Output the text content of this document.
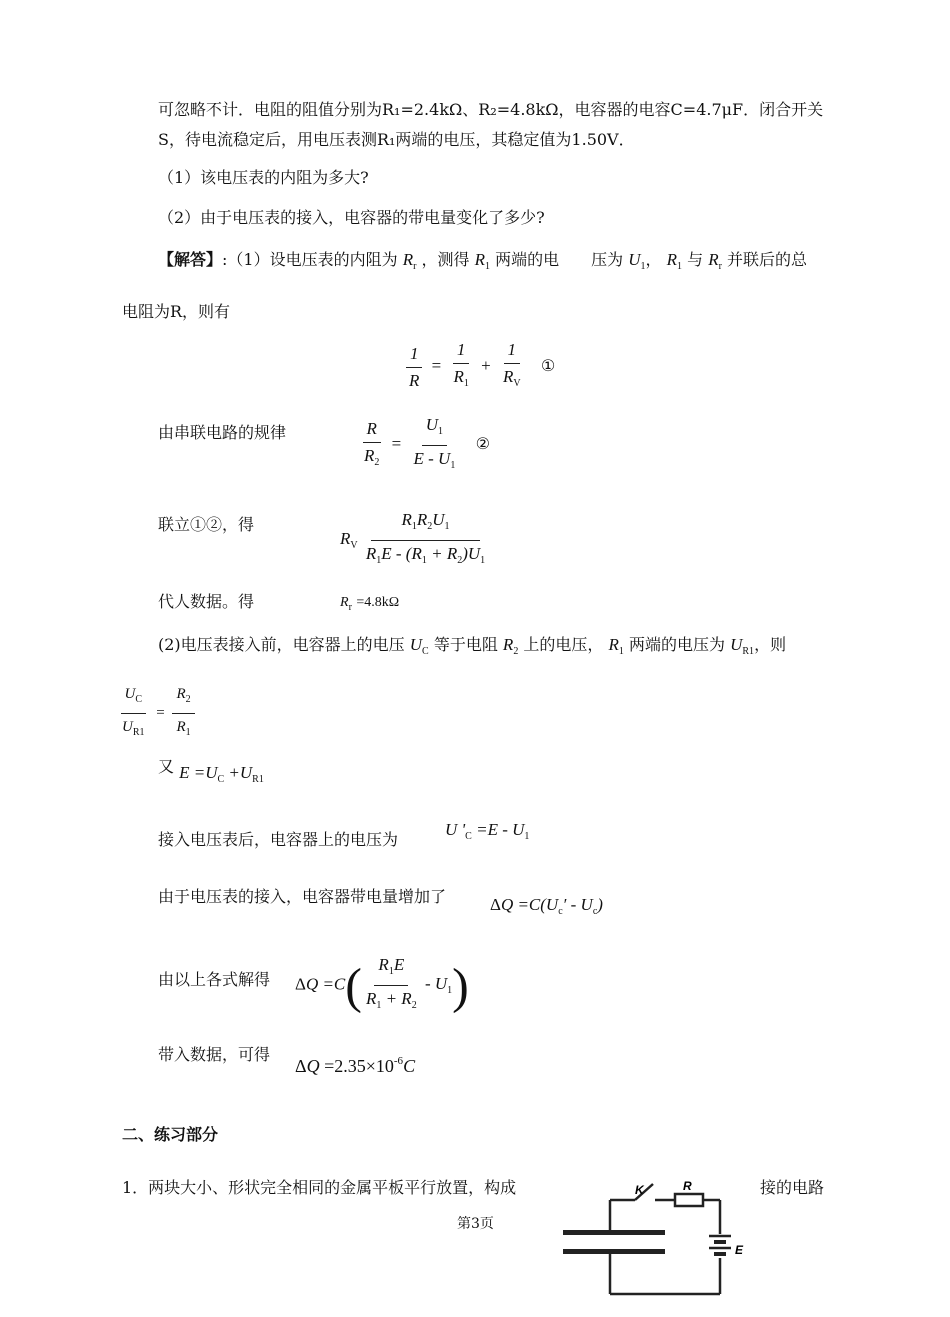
可忽略不计．电阻的阻值分别为R₁=2.4kΩ、R₂=4.8kΩ，电容器的电容C=4.7μF．闭合开关
S，待电流稳定后，用电压表测R₁两端的电压，其稳定值为1.50V．
（1）该电压表的内阻为多大?
（2）由于电压表的接入，电容器的带电量变化了多少?
【解答】:（1）设电压表的内阻为 $R_r$ ，测得 $R_1$ 两端的电　　压为 $U_1$， $R_1$ 与 $R_r$ 并联后的总
电阻为R，则有
$\frac{1}{R} = \frac{1}{R_1} + \frac{1}{R_V}$ ①
由串联电路的规律	$\frac{R}{R_2} = \frac{U_1}{E - U_1}$ ②
联立①②，得
$R_V \frac{R_1R_2U_1}{R_1E - (R_1 + R_2)U_1}$
代人数据。得	$R_r =4.8k\Omega$
(2)电压表接入前，电容器上的电压 $U_C$ 等于电阻 $R_2$ 上的电压， $R_1$ 两端的电压为 $U_{R1}$，则
$\frac{U_C}{U_{R1}} = \frac{R_2}{R_1}$
又 $E =U_C +U_{R1}$
接入电压表后，电容器上的电压为
U '$_C =E - U_1$
由于电压表的接入，电容器带电量增加了	$\Delta Q =C(U_c' - U_c)$
由以上各式解得 $\Delta Q =C( \frac{R_1E}{R_1 + R_2} - U_1)$
带入数据，可得
$\Delta Q =2.35\times 10^{-6}C$
二、练习部分
1．两块大小、形状完全相同的金属平板平行放置，构成	接的电路
第3页
K	R
E
